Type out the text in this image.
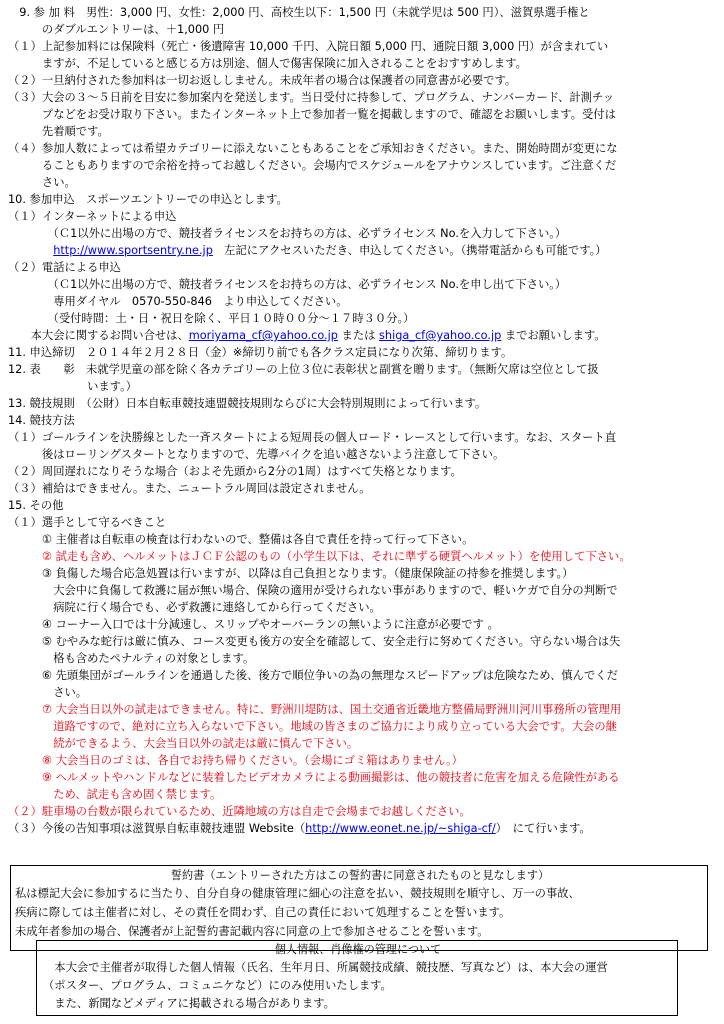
　9. 参 加 料　男性：3,000 円、女性：2,000 円、高校生以下：1,500 円（未就学児は 500 円）、滋賀県選手権と
　　　のダブルエントリーは、＋1,000 円
（１）上記参加料には保険料（死亡・後遺障害 10,000 千円、入院日額 5,000 円、通院日額 3,000 円）が含まれてい
　　　ますが、不足していると感じる方は別途、個人で傷害保険に加入されることをおすすめします。
（２）一旦納付された参加料は一切お返ししません。未成年者の場合は保護者の同意書が必要です。
（３）大会の３～５日前を目安に参加案内を発送します。当日受付に持参して、プログラム、ナンバーカード、計測チッ
　　　プなどをお受け取り下さい。またインターネット上で参加者一覧を掲載しますので、確認をお願いします。受付は
　　　先着順です。
（４）参加人数によっては希望カテゴリーに添えないこともあることをご承知おきください。また、開始時間が変更にな
　　　ることもありますので余裕を持ってお越しください。会場内でスケジュールをアナウンスしています。ご注意くだ
　　　さい。
10. 参加申込　スポーツエントリーでの申込とします。
（１）インターネットによる申込
　　　　（Ｃ1以外に出場の方で、競技者ライセンスをお持ちの方は、必ずライセンス No.を入力して下さい。）
　　　　http://www.sportsentry.ne.jp　左記にアクセスいただき、申込してください。（携帯電話からも可能です。）
（２）電話による申込
　　　　（Ｃ1以外に出場の方で、競技者ライセンスをお持ちの方は、必ずライセンス No.を申し出て下さい。）
　　　　専用ダイヤル　0570-550-846　より申込してください。
　　　　（受付時間：土・日・祝日を除く、平日１０時００分～１７時３０分。）
　　本大会に関するお問い合せは、moriyama_cf@yahoo.co.jp または shiga_cf@yahoo.co.jp までお願いします。
11. 申込締切　２０１４年２月２８日（金）※締切り前でも各クラス定員になり次第、締切ります。
12. 表　　彰　未就学児童の部を除く各カテゴリーの上位３位に表彰状と副賞を贈ります。（無断欠席は空位として扱
　　　　　　　います。）
13. 競技規則　（公財）日本自転車競技連盟競技規則ならびに大会特別規則によって行います。
14. 競技方法
（１）ゴールラインを決勝線とした一斉スタートによる短周長の個人ロード・レースとして行います。なお、スタート直
　　　後はローリングスタートとなりますので、先導バイクを追い越さないよう注意して下さい。
（２）周回遅れになりそうな場合（およそ先頭から2分の1周）はすべて失格となります。
（３）補給はできません。また、ニュートラル周回は設定されません。
15. その他
（１）選手として守るべきこと
　　　① 主催者は自転車の検査は行わないので、整備は各自で責任を持って行って下さい。
　　　② 試走も含め、ヘルメットはＪＣＦ公認のもの（小学生以下は、それに準ずる硬質ヘルメット）を使用して下さい。
　　　③ 負傷した場合応急処置は行いますが、以降は自己負担となります。（健康保険証の持参を推奨します。）
　　　　大会中に負傷して救護に届が無い場合、保険の適用が受けられない事がありますので、軽いケガで自分の判断で
　　　　病院に行く場合でも、必ず救護に連絡してから行ってください。
　　　④ コーナー入口では十分減速し、スリップやオーバーランの無いように注意が必要です 。
　　　⑤ むやみな蛇行は厳に慎み、コース変更も後方の安全を確認して、安全走行に努めてください。守らない場合は失
　　　　格も含めたペナルティの対象とします。
　　　⑥ 先頭集団がゴールラインを通過した後、後方で順位争いの為の無理なスピードアップは危険なため、慎んでくだ
　　　　さい。
　　　⑦ 大会当日以外の試走はできません。特に、野洲川堤防は、国土交通省近畿地方整備局野洲川河川事務所の管理用
　　　　道路ですので、絶対に立ち入らないで下さい。地域の皆さまのご協力により成り立っている大会です。大会の継
　　　　続ができるよう、大会当日以外の試走は厳に慎んで下さい。
　　　⑧ 大会当日のゴミは、各自でお持ち帰りください。（会場にゴミ箱はありません。）
　　　⑨ ヘルメットやハンドルなどに装着したビデオカメラによる動画撮影は、他の競技者に危害を加える危険性がある
　　　　ため、試走も含め固く禁じます。
（２）駐車場の台数が限られているため、近隣地域の方は自走で会場までお越しください。
（３）今後の告知事項は滋賀県自転車競技連盟 Website（http://www.eonet.ne.jp/~shiga-cf/）　にて行います。
誓約書（エントリーされた方はこの誓約書に同意されたものと見なします）
私は標記大会に参加するに当たり、自分自身の健康管理に細心の注意を払い、競技規則を順守し、万一の事故、
疾病に際しては主催者に対し、その責任を問わず、自己の責任において処理することを誓います。
未成年者参加の場合、保護者が上記誓約書記載内容に同意の上で参加させることを誓います。
個人情報、肖像権の管理について
　本大会で主催者が取得した個人情報（氏名、生年月日、所属競技成績、競技歴、写真など）は、本大会の運営
（ポスター、プログラム、コミュニケなど）にのみ使用いたします。
　また、新聞などメディアに掲載される場合があります。
